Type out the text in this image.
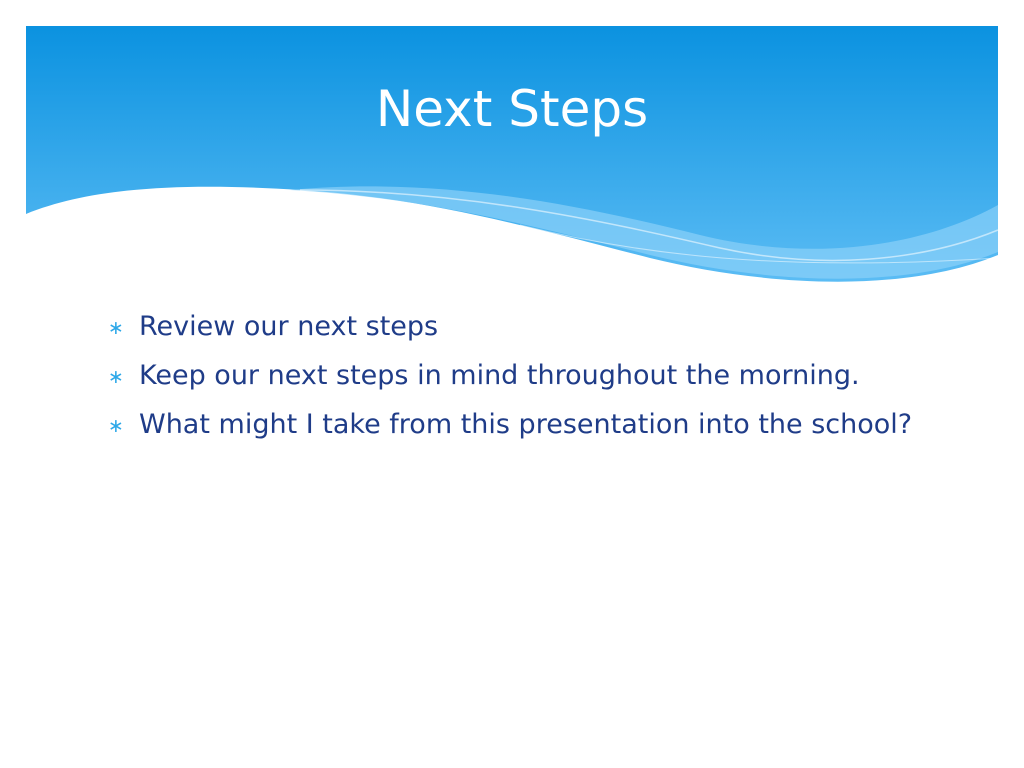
Next Steps
∗ Review our next steps
∗ Keep our next steps in mind throughout the morning.
∗ What might I take from this presentation into the school?
